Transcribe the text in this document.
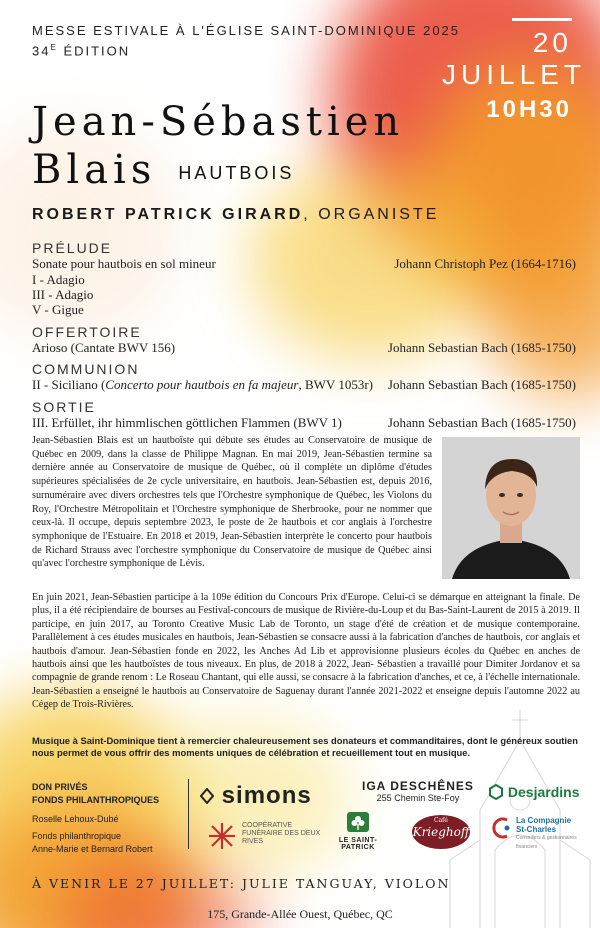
MESSE ESTIVALE À L'ÉGLISE SAINT-DOMINIQUE 2025
$34^E$ ÉDITION	20
JUILLET
10H30
Jean-Sébastien
Blais HAUTBOIS
ROBERT PATRICK GIRARD, ORGANISTE
PRÉLUDE
Sonate pour hautbois en sol mineur	Johann Christoph Pez (1664-1716)
I - Adagio
III - Adagio
V - Gigue
OFFERTOIRE
Arioso (Cantate BWV 156)	Johann Sebastian Bach (1685-1750)
COMMUNION
II - Siciliano (Concerto pour hautbois en fa majeur, BWV 1053r) Johann Sebastian Bach (1685-1750)
SORTIE
III. Erfüllet, ihr himmlischen göttlichen Flammen (BWV 1)	Johann Sebastian Bach (1685-1750)
Jean-Sébastien Blais est un hautboïste qui débute ses études au Conservatoire de musique de Québec en 2009, dans la classe de Philippe Magnan. En mai 2019, Jean-Sébastien termine sa dernière année au Conservatoire de musique de Québec, où il complète un diplôme d'études supérieures spécialisées de 2e cycle universitaire, en hautbois. Jean-Sébastien est, depuis 2016, surnuméraire avec divers orchestres tels que l'Orchestre symphonique de Québec, les Violons du Roy, l'Orchestre Métropolitain et l'Orchestre symphonique de Sherbrooke, pour ne nommer que ceux-là. Il occupe, depuis septembre 2023, le poste de 2e hautbois et cor anglais à l'orchestre symphonique de l'Estuaire. En 2018 et 2019, Jean-Sébastien interprète le concerto pour hautbois de Richard Strauss avec l'orchestre symphonique du Conservatoire de musique de Québec ainsi qu'avec l'orchestre symphonique de Lévis.
En juin 2021, Jean-Sébastien participe à la 109e édition du Concours Prix d'Europe. Celui-ci se démarque en atteignant la finale. De plus, il a été récipiendaire de bourses au Festival-concours de musique de Rivière-du-Loup et du Bas-Saint-Laurent de 2015 à 2019. Il participe, en juin 2017, au Toronto Creative Music Lab de Toronto, un stage d'été de création et de musique contemporaine. Parallèlement à ces études musicales en hautbois, Jean-Sébastien se consacre aussi à la fabrication d'anches de hautbois, cor anglais et hautbois d'amour. Jean-Sébastien fonde en 2022, les Anches Ad Lib et approvisionne plusieurs écoles du Québec en anches de hautbois ainsi que les hautboïstes de tous niveaux. En plus, de 2018 à 2022, Jean- Sébastien a travaillé pour Dimiter Jordanov et sa compagnie de grande renom : Le Roseau Chantant, qui elle aussi, se consacre à la fabrication d'anches, et ce, à l'échelle internationale. Jean-Sébastien a enseigné le hautbois au Conservatoire de Saguenay durant l'année 2021-2022 et enseigne depuis l'automne 2022 au Cégep de Trois-Rivières.
Musique à Saint-Dominique tient à remercier chaleureusement ses donateurs et commanditaires, dont le généreux soutien nous permet de vous offrir des moments uniques de célébration et recueillement tout en musique.
DON PRIVÉS
FONDS PHILANTHROPIQUES
Roselle Lehoux-Dubé
Fonds philanthropique
Anne-Marie et Bernard Robert
simons	IGA DESCHÊNES
255 Chemin Ste-Foy	Desjardins
COOPÉRATIVE FUNÉRAIRE DES DEUX RIVES	LE SAINT-PATRICK
Café
Krieghoff
La Compagnie St-Charles
Conseillers & gestionnaires financiers
À VENIR LE 27 JUILLET: JULIE TANGUAY, VIOLON
175, Grande-Allée Ouest, Québec, QC
